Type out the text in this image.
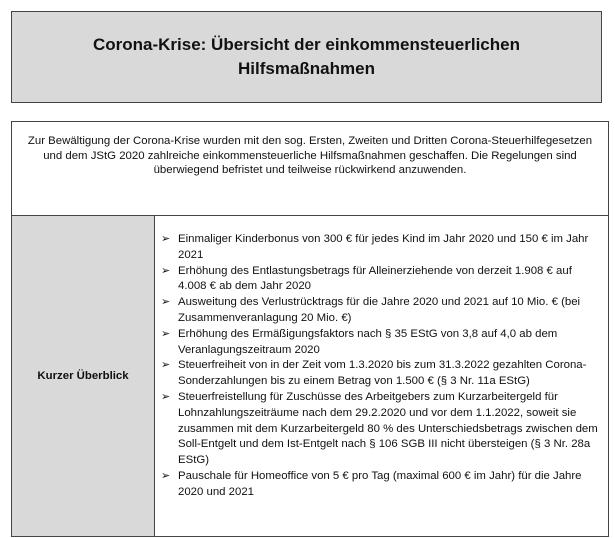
Corona-Krise: Übersicht der einkommensteuerlichen Hilfsmaßnahmen
Zur Bewältigung der Corona-Krise wurden mit den sog. Ersten, Zweiten und Dritten Corona-Steuerhilfegesetzen und dem JStG 2020 zahlreiche einkommensteuerliche Hilfsmaßnahmen geschaffen. Die Regelungen sind überwiegend befristet und teilweise rückwirkend anzuwenden.
Kurzer Überblick
➢ Einmaliger Kinderbonus von 300 € für jedes Kind im Jahr 2020 und 150 € im Jahr 2021
➢ Erhöhung des Entlastungsbetrags für Alleinerziehende von derzeit 1.908 € auf 4.008 € ab dem Jahr 2020
➢ Ausweitung des Verlustrücktrags für die Jahre 2020 und 2021 auf 10 Mio. € (bei Zusammenveranlagung 20 Mio. €)
➢ Erhöhung des Ermäßigungsfaktors nach § 35 EStG von 3,8 auf 4,0 ab dem Veranlagungszeitraum 2020
➢ Steuerfreiheit von in der Zeit vom 1.3.2020 bis zum 31.3.2022 gezahlten Corona-Sonderzahlungen bis zu einem Betrag von 1.500 € (§ 3 Nr. 11a EStG)
➢ Steuerfreistellung für Zuschüsse des Arbeitgebers zum Kurzarbeitergeld für Lohnzahlungszeiträume nach dem 29.2.2020 und vor dem 1.1.2022, soweit sie zusammen mit dem Kurzarbeitergeld 80 % des Unterschiedsbetrags zwischen dem Soll-Entgelt und dem Ist-Entgelt nach § 106 SGB III nicht übersteigen (§ 3 Nr. 28a EStG)
➢ Pauschale für Homeoffice von 5 € pro Tag (maximal 600 € im Jahr) für die Jahre 2020 und 2021
